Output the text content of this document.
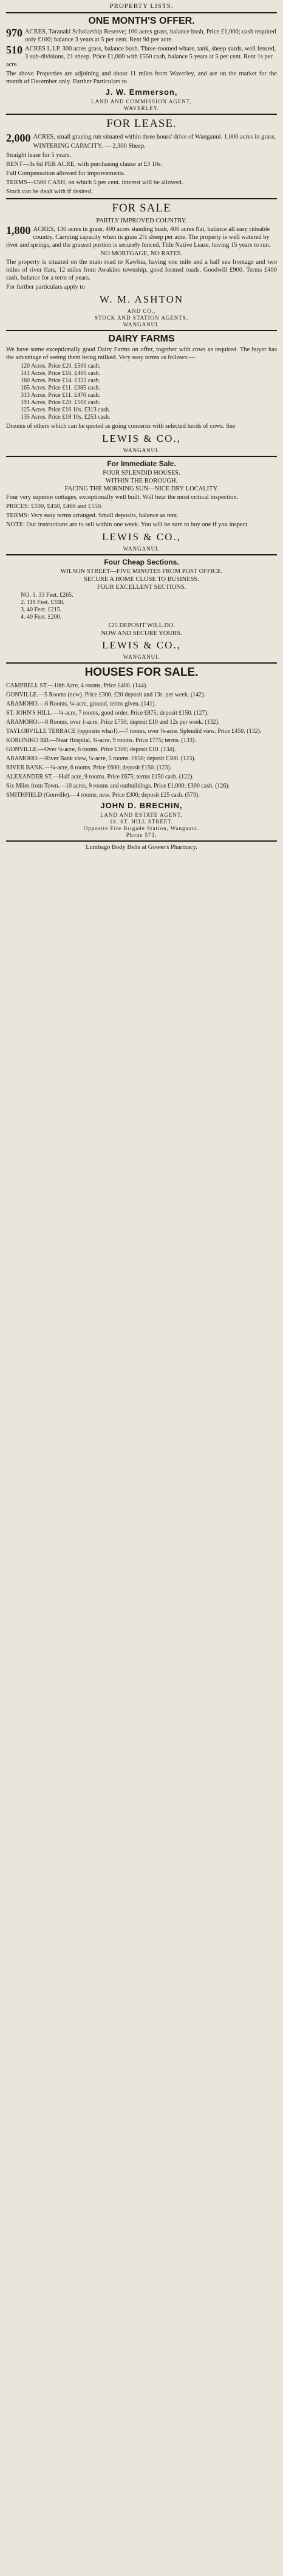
PROPERTY LISTS.
ONE MONTH'S OFFER.
970 ACRES, Taranaki Scholarship Reserve; 100 acres grass, balance bush, Price £1,000; cash required only £100; balance 3 years at 5 per cent. Rent 9d per acre.
510 ACRES L.I.P. 300 acres grass, balance bush. Three-roomed whare, tank, sheep yards, well fenced, 3 sub-divisions, 21 sheep. Price £1,000 with £550 cash, balance 5 years at 5 per cent. Rent 1s per acre.
The above Properties are adjoining and about 11 miles from Waverley, and are on the market for the month of December only. Further Particulars to
J. W. Emmerson,
LAND AND COMMISSION AGENT,
WAVERLEY.
FOR LEASE.
2,000 ACRES, small grazing run situated within three hours' drive of Wanganui. 1,000 acres in grass.
WINTERING CAPACITY. — 2,300 Sheep.
Straight lease for 5 years.
RENT—3s 6d PER ACRE, with purchasing clause at £3 10s.
Full Compensation allowed for improvements.
TERMS—£500 CASH, on which 5 per cent. interest will be allowed.
Stock can be dealt with if desired.
FOR SALE
PARTLY IMPROVED COUNTRY.
1,800 ACRES, 130 acres in grass, 400 acres standing bush, 400 acres flat, balance all easy rideable country. Carrying capacity when in grass 2½ sheep per acre. The property is well watered by river and springs, and the grassed portion is securely fenced. Title Native Lease, having 15 years to run.
NO MORTGAGE, NO RATES.
The property is situated on the main road to Kawhia, having one mile and a half sea frontage and two miles of river flats, 12 miles from Awakino township, good formed roads. Goodwill £900. Terms £400 cash, balance for a term of years.
For further particulars apply to
W. M. ASHTON
AND CO.,
STOCK AND STATION AGENTS,
WANGANUI.
DAIRY FARMS
We have some exceptionally good Dairy Farms on offer, together with cows as required. The buyer has the advantage of seeing them being milked. Very easy terms as follows:—
120 Acres. Price £20. £500 cash.
141 Acres. Price £16. £400 cash.
160 Acres. Price £14. £322 cash.
165 Acres. Price £11. £385 cash.
313 Acres. Price £11. £470 cash.
191 Acres. Price £20. £500 cash.
125 Acres. Price £16 10s. £313 cash.
135 Acres. Price £18 10s. £253 cash.
Dozens of others which can be quoted as going concerns with selected herds of cows. See
LEWIS & CO.,
WANGANUI.
For Immediate Sale.
FOUR SPLENDID HOUSES.
WITHIN THE BOROUGH.
FACING THE MORNING SUN—NICE DRY LOCALITY.
Four very superior cottages, exceptionally well built. Will bear the most critical inspection.
PRICES: £100, £450, £460 and £550.
TERMS: Very easy terms arranged. Small deposits, balance as rent.
NOTE: Our instructions are to sell within one week. You will be sure to buy one if you inspect.
LEWIS & CO.,
WANGANUI.
Four Cheap Sections.
WILSON STREET—FIVE MINUTES FROM POST OFFICE.
SECURE A HOME CLOSE TO BUSINESS.
FOUR EXCELLENT SECTIONS.
NO. 1. 33 Feet. £265.
2. 118 Feet. £330.
3. 40 Feet. £215.
4. 40 Feet. £200.
£25 DEPOSIT WILL DO.
NOW AND SECURE YOURS.
LEWIS & CO.,
WANGANUI.
HOUSES FOR SALE.
CAMPBELL ST.—18th Acre, 4 rooms, Price £400. (144).
GONVILLE.—5 Rooms (new). Price £300. £20 deposit and 13s. per week. (142).
ARAMOHO.—6 Rooms, ¼-acre, ground, terms given. (141).
ST. JOHN'S HILL.—¼-acre, 7 rooms, good order. Price £875; deposit £150. (127).
ARAMOHO.—8 Rooms, over 1-acre. Price £750; deposit £10 and 12s per week. (132).
TAYLORVILLE TERRACE (opposite wharf).—7 rooms, over ¼-acre. Splendid view. Price £450. (132).
KORONIKO RD.—Near Hospital, ¾-acre, 9 rooms. Price £775; terms. (133).
GONVILLE.—Over ¼-acre, 6 rooms. Price £300; deposit £10. (134).
ARAMOHO.—River Bank view, ¼-acre, 5 rooms. £650; deposit £300. (123).
RIVER BANK.—¼-acre, 6 rooms. Price £600; deposit £150. (123).
ALEXANDER ST.—Half acre, 9 rooms. Price £675; terms £150 cash. (122).
Six Miles from Town.—10 acres, 9 rooms and outbuildings. Price £1,000; £300 cash. (126).
SMITHFIELD (Gonville).—4 rooms, new. Price £300; deposit £25 cash. (573).
JOHN D. BRECHIN,
LAND AND ESTATE AGENT,
18. ST. HILL STREET.
Opposite Fire Brigade Station, Wanganui.
Phone 573.
Lumbago Body Belts at Gower's Pharmacy.
